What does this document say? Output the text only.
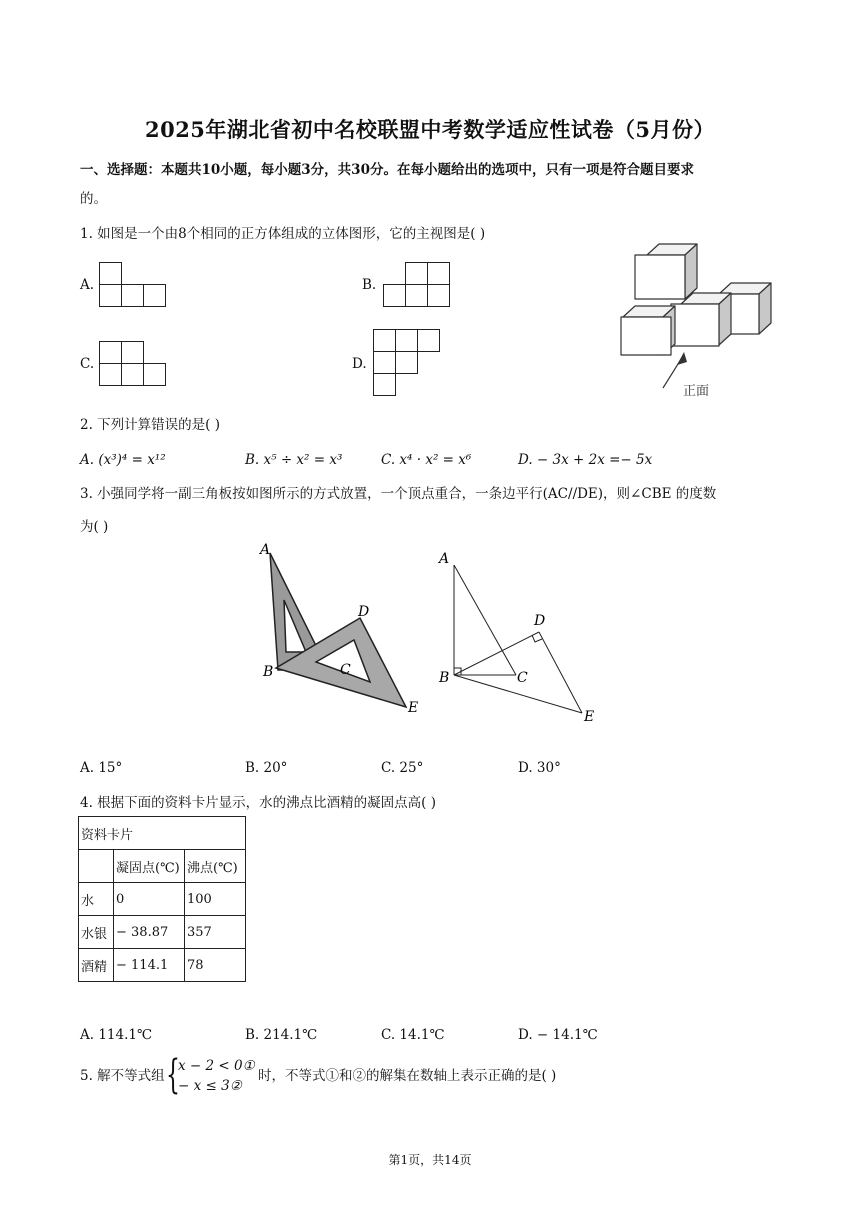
2025年湖北省初中名校联盟中考数学适应性试卷（5月份）
一、选择题：本题共10小题，每小题3分，共30分。在每小题给出的选项中，只有一项是符合题目要求
的。
1. 如图是一个由8个相同的正方体组成的立体图形，它的主视图是( )
A.	B.
C.	D.
正面
2. 下列计算错误的是( )
A. (x³)⁴ = x¹²	B. x⁵ ÷ x² = x³	C. x⁴ · x² = x⁶	D. − 3x + 2x =− 5x
3. 小强同学将一副三角板按如图所示的方式放置，一个顶点重合，一条边平行(AC//DE)，则∠CBE 的度数
为( )
A
B	C
D
E
A
B	C
D
E
A. 15°	B. 20°	C. 25°	D. 30°
4. 根据下面的资料卡片显示，水的沸点比酒精的凝固点高( )
资料卡片		
	凝固点(℃)	沸点(℃)
水	0	100
水银	− 38.87	357
酒精	− 114.1	78
A. 114.1℃	B. 214.1℃	C. 14.1℃	D. − 14.1℃
5. 解不等式组 {
x − 2 < 0①
− x ≤ 3②
时，不等式①和②的解集在数轴上表示正确的是( )
第1页，共14页
